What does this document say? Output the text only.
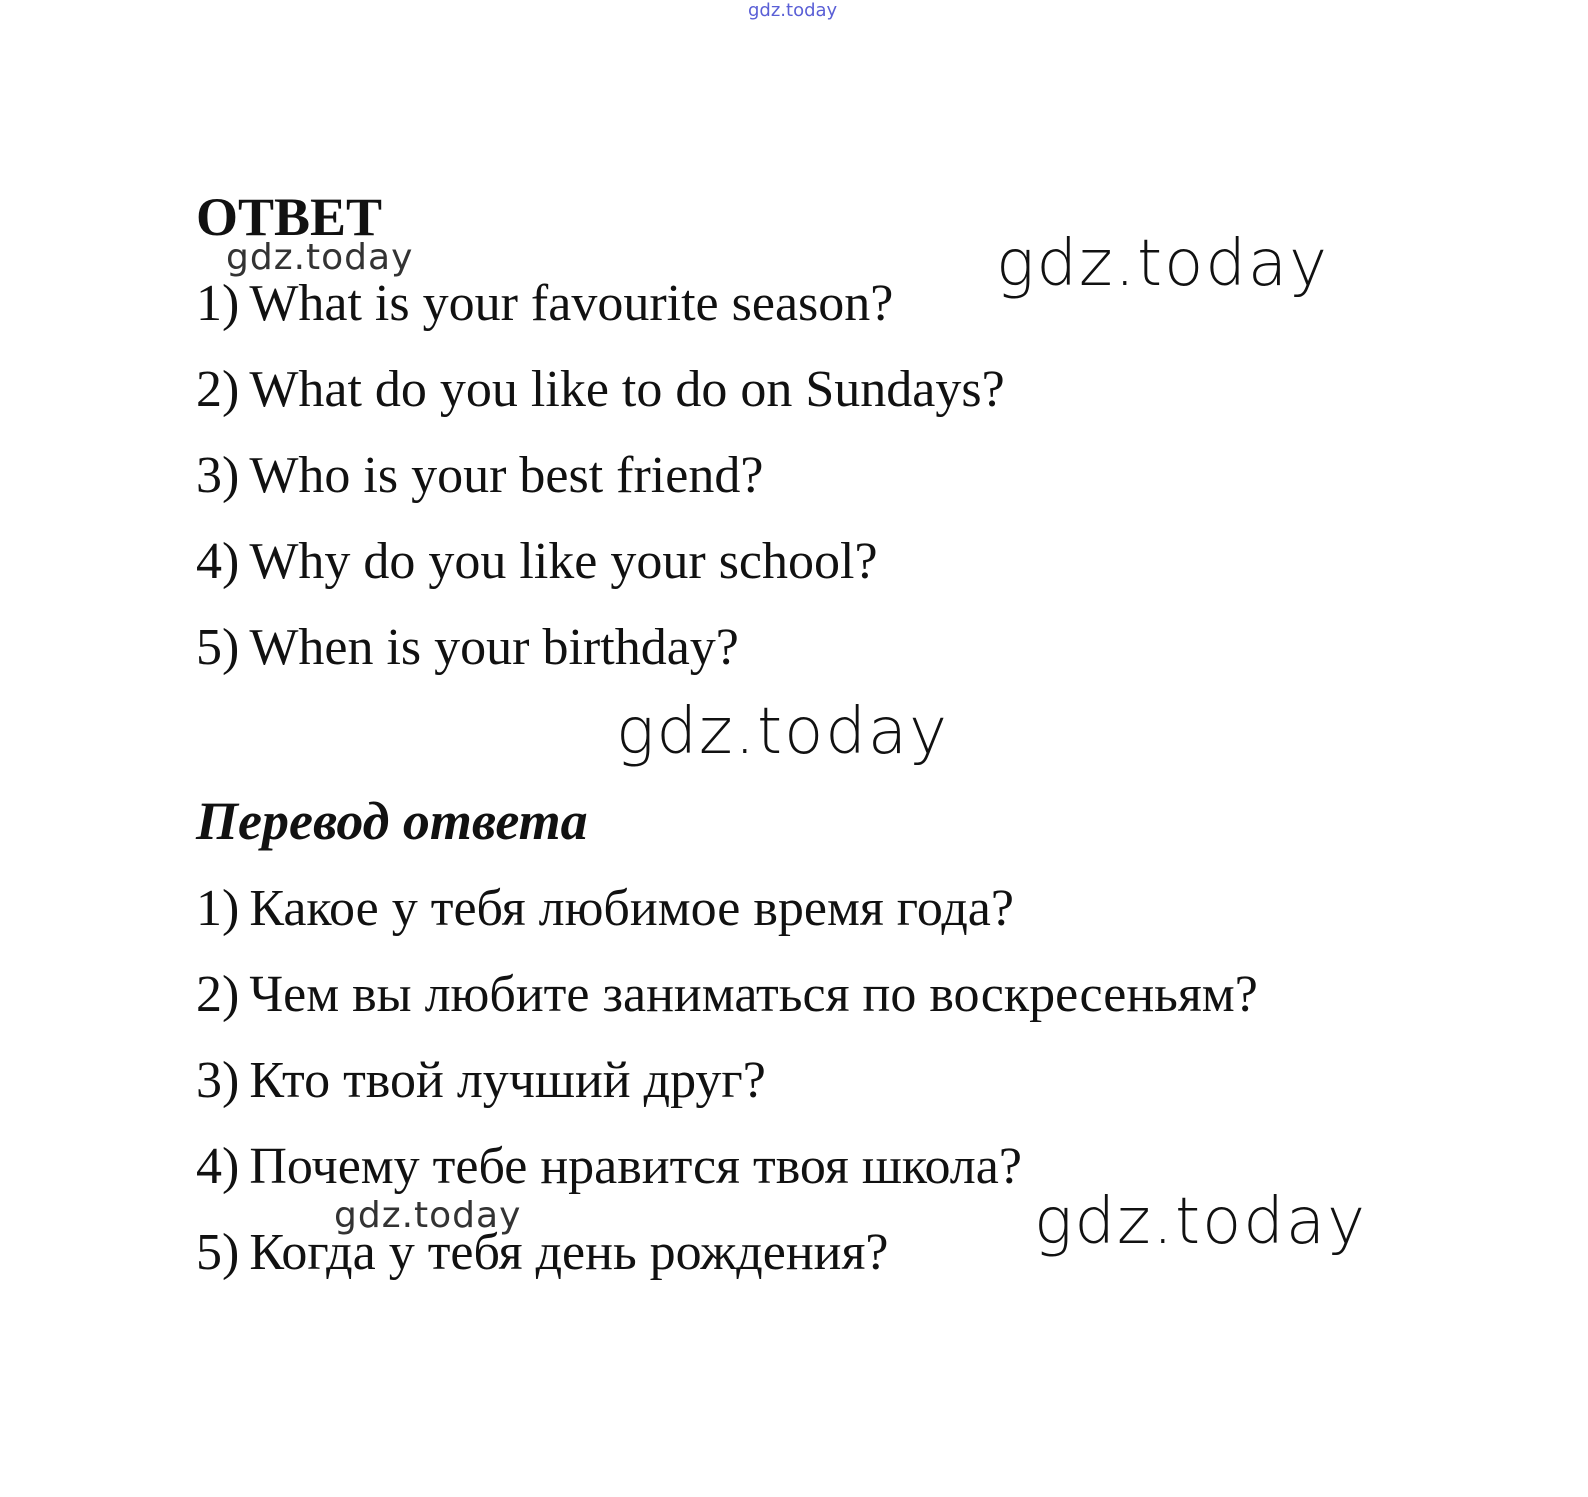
gdz.today
ОТВЕТ
1) What is your favourite season?
2) What do you like to do on Sundays?
3) Who is your best friend?
4) Why do you like your school?
5) When is your birthday?
Перевод ответа
1) Какое у тебя любимое время года?
2) Чем вы любите заниматься по воскресеньям?
3) Кто твой лучший друг?
4) Почему тебе нравится твоя школа?
5) Когда у тебя день рождения?
gdz.today	gdz.today
gdz.today
gdz.today	gdz.today
